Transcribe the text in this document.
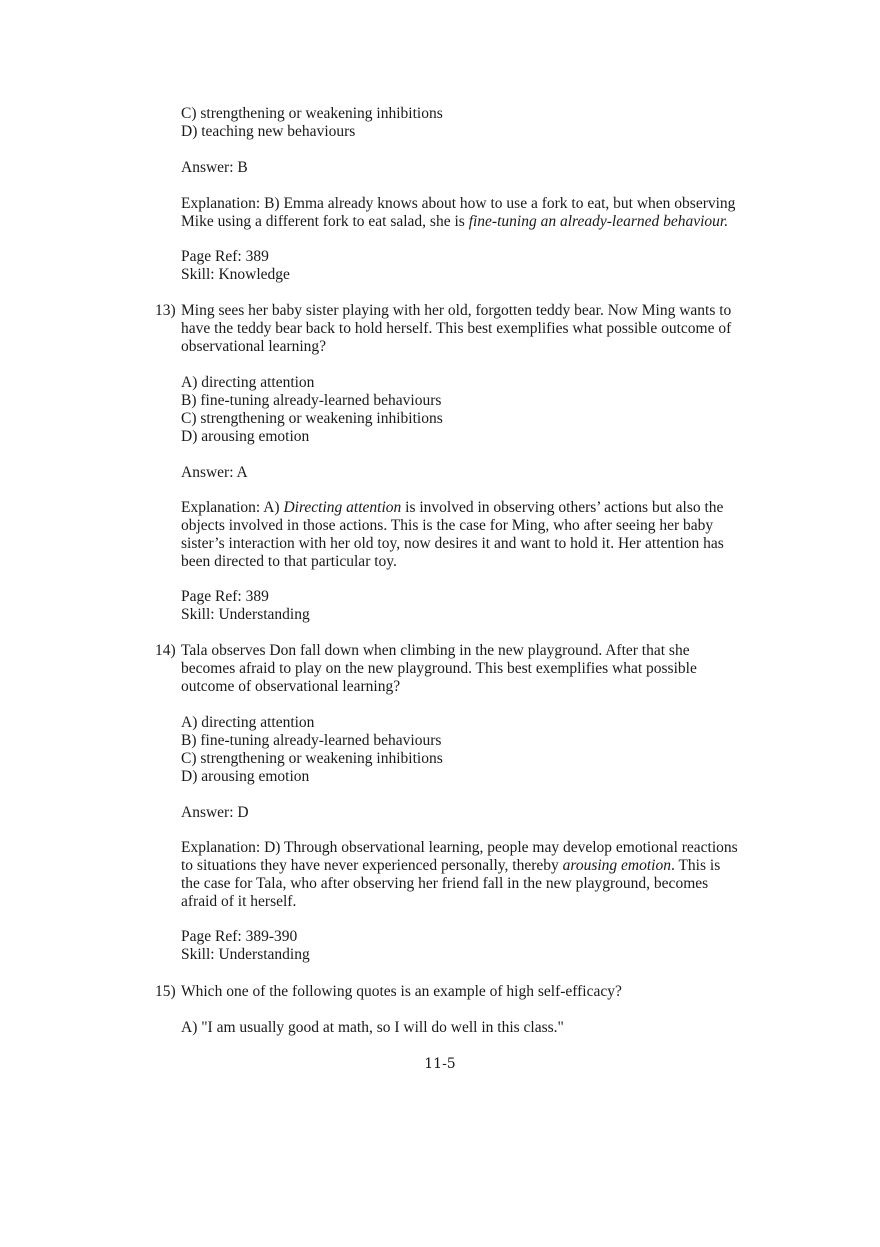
C) strengthening or weakening inhibitions
D) teaching new behaviours
Answer: B
Explanation: B) Emma already knows about how to use a fork to eat, but when observing
Mike using a different fork to eat salad, she is fine-tuning an already-learned behaviour.
Page Ref: 389
Skill: Knowledge
13) Ming sees her baby sister playing with her old, forgotten teddy bear. Now Ming wants to
have the teddy bear back to hold herself. This best exemplifies what possible outcome of
observational learning?
A) directing attention
B) fine-tuning already-learned behaviours
C) strengthening or weakening inhibitions
D) arousing emotion
Answer: A
Explanation: A) Directing attention is involved in observing others’ actions but also the
objects involved in those actions. This is the case for Ming, who after seeing her baby
sister’s interaction with her old toy, now desires it and want to hold it. Her attention has
been directed to that particular toy.
Page Ref: 389
Skill: Understanding
14) Tala observes Don fall down when climbing in the new playground. After that she
becomes afraid to play on the new playground. This best exemplifies what possible
outcome of observational learning?
A) directing attention
B) fine-tuning already-learned behaviours
C) strengthening or weakening inhibitions
D) arousing emotion
Answer: D
Explanation: D) Through observational learning, people may develop emotional reactions
to situations they have never experienced personally, thereby arousing emotion. This is
the case for Tala, who after observing her friend fall in the new playground, becomes
afraid of it herself.
Page Ref: 389-390
Skill: Understanding
15) Which one of the following quotes is an example of high self-efficacy?
A) "I am usually good at math, so I will do well in this class."
11-5
